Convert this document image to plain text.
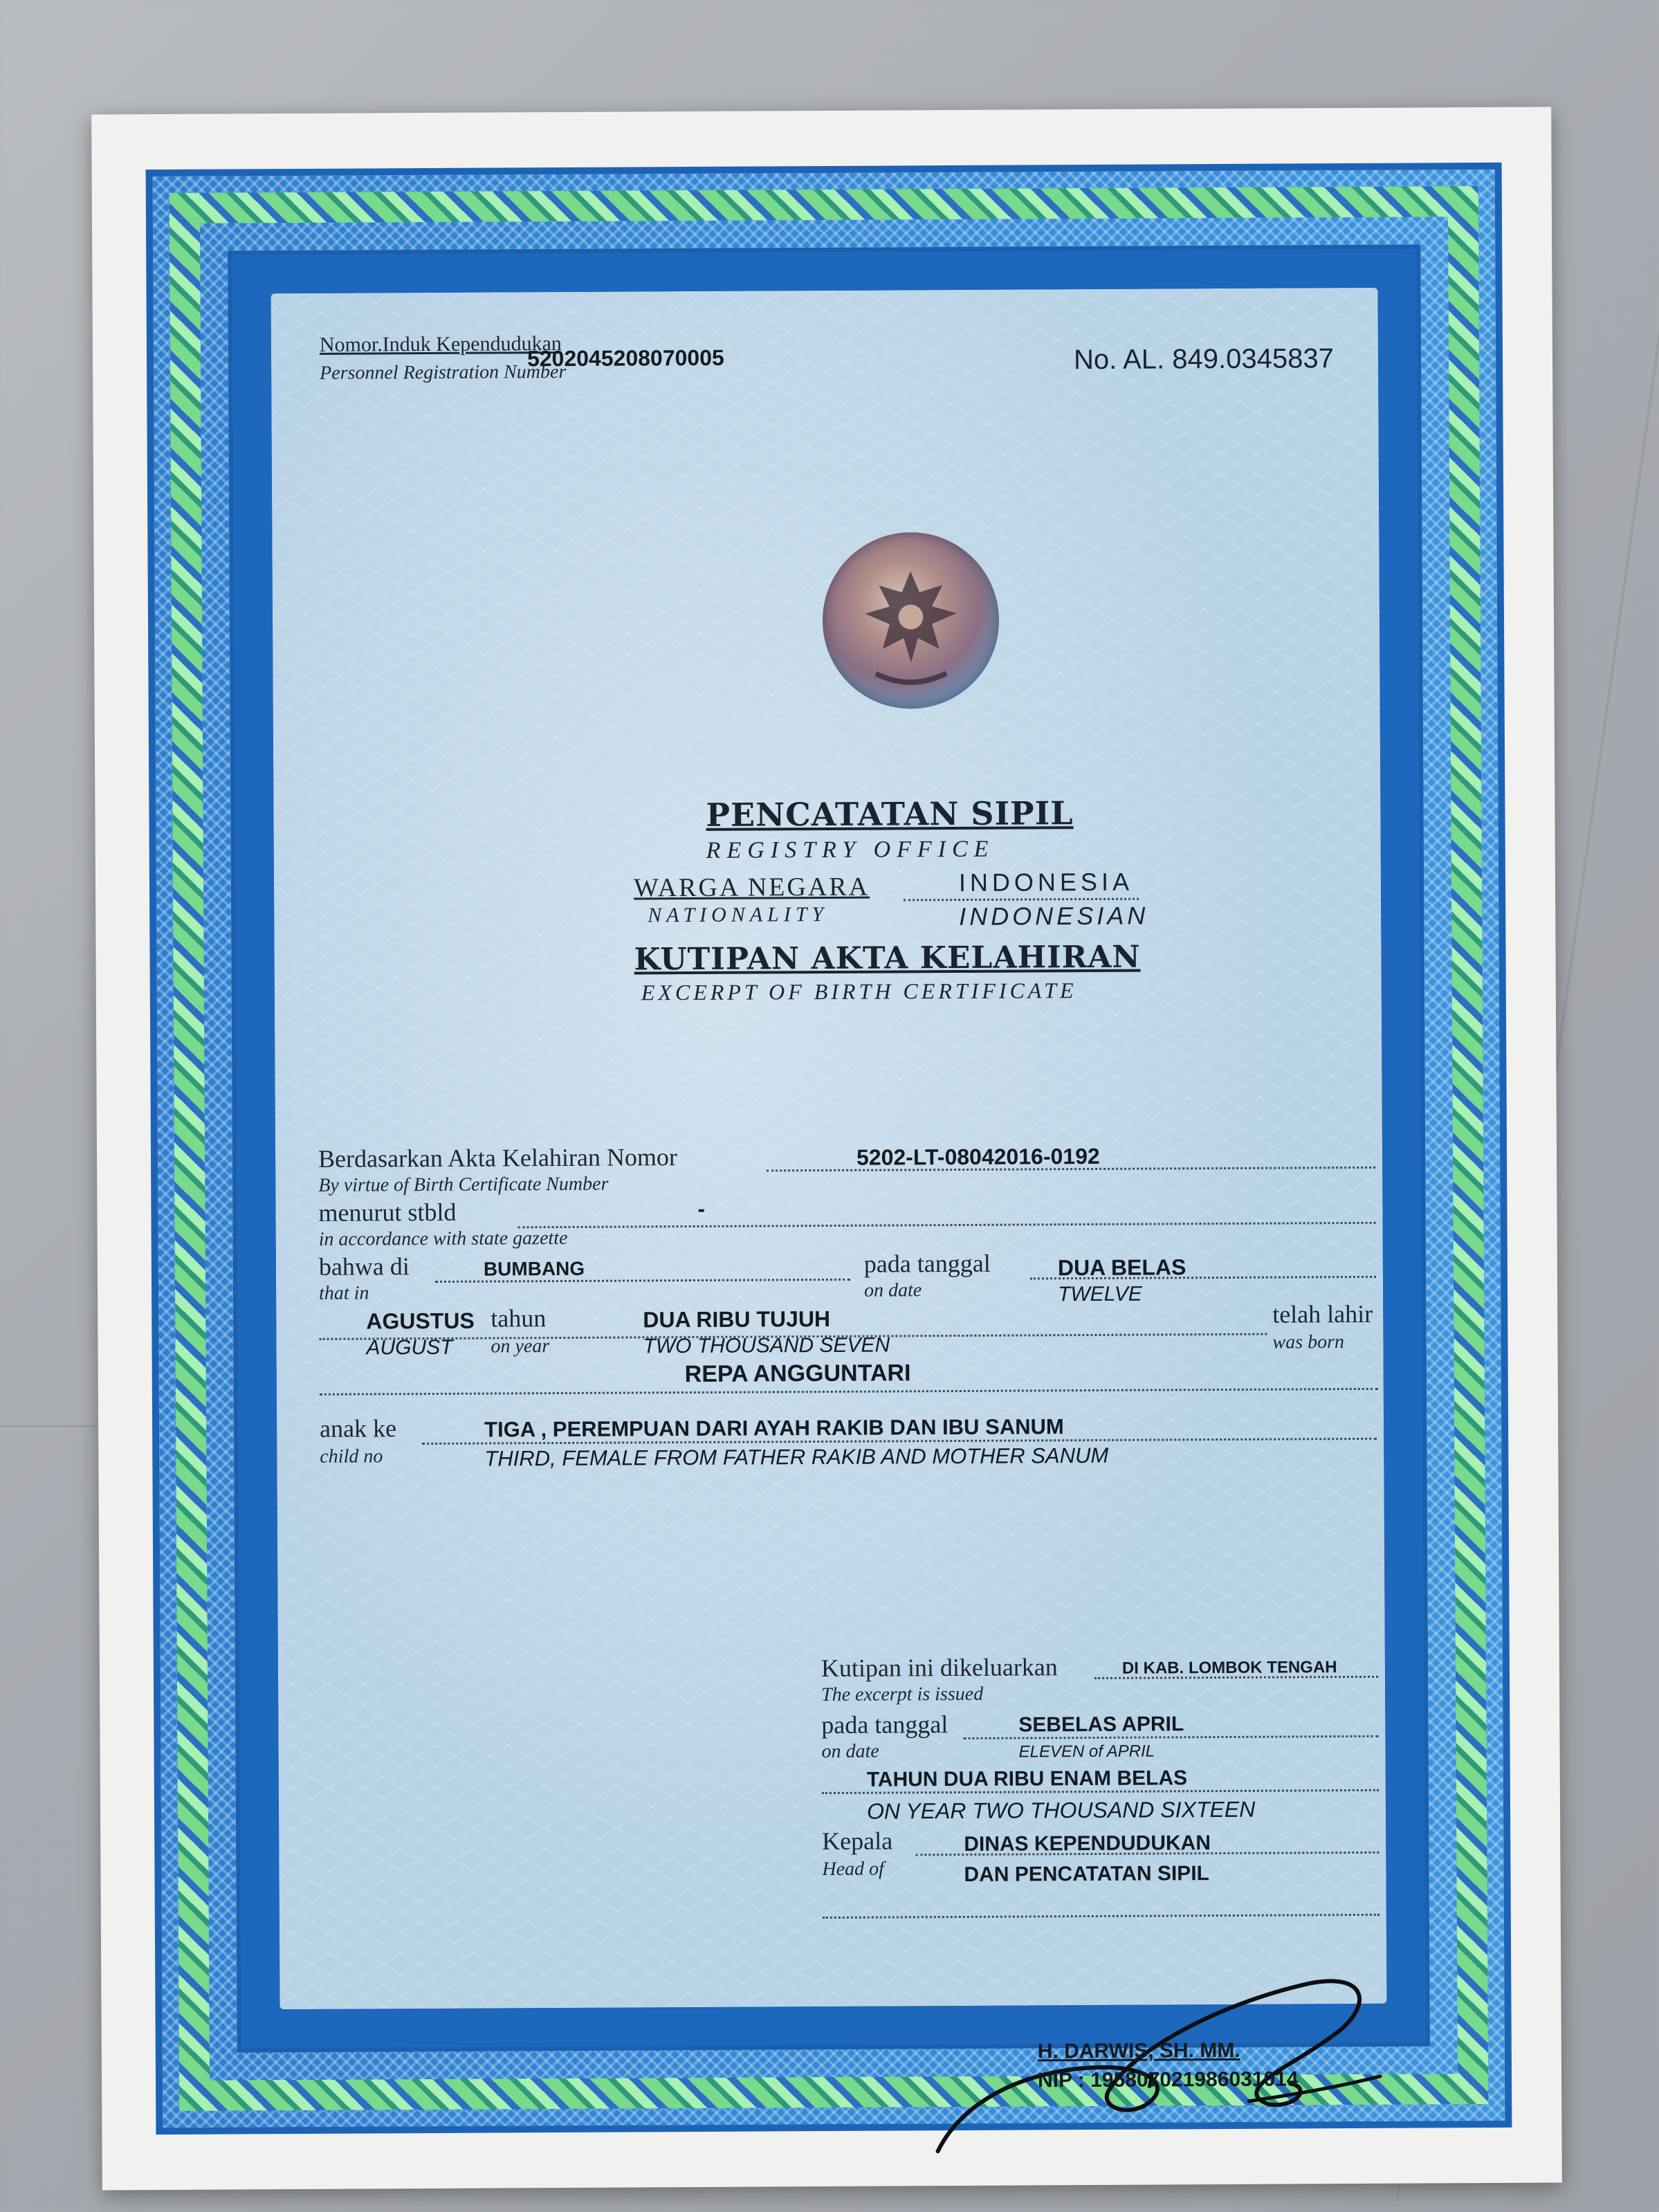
Nomor.Induk Kependudukan
Personnel Registration Number
5202045208070005	No. AL. 849.0345837
PENCATATAN SIPIL
REGISTRY OFFICE
WARGA NEGARA
NATIONALITY
INDONESIA
INDONESIAN
KUTIPAN AKTA KELAHIRAN
EXCERPT OF BIRTH CERTIFICATE
Berdasarkan Akta Kelahiran Nomor
By virtue of Birth Certificate Number
5202-LT-08042016-0192
menurut stbld
in accordance with state gazette
-
bahwa di
that in
BUMBANG	pada tanggal
on date
DUA BELAS
TWELVE
AGUSTUS
AUGUST
tahun
on year
DUA RIBU TUJUH
TWO THOUSAND SEVEN
telah lahir
was born
REPA ANGGUNTARI
anak ke
child no
TIGA , PEREMPUAN DARI AYAH RAKIB DAN IBU SANUM
THIRD, FEMALE FROM FATHER RAKIB AND MOTHER SANUM
Kutipan ini dikeluarkan
The excerpt is issued
DI KAB. LOMBOK TENGAH
pada tanggal
on date
SEBELAS APRIL
ELEVEN of APRIL
TAHUN DUA RIBU ENAM BELAS
ON YEAR TWO THOUSAND SIXTEEN
Kepala
Head of
DINAS KEPENDUDUKAN
DAN PENCATATAN SIPIL
H. DARWIS, SH. MM.
NIP : 195807021986031014
